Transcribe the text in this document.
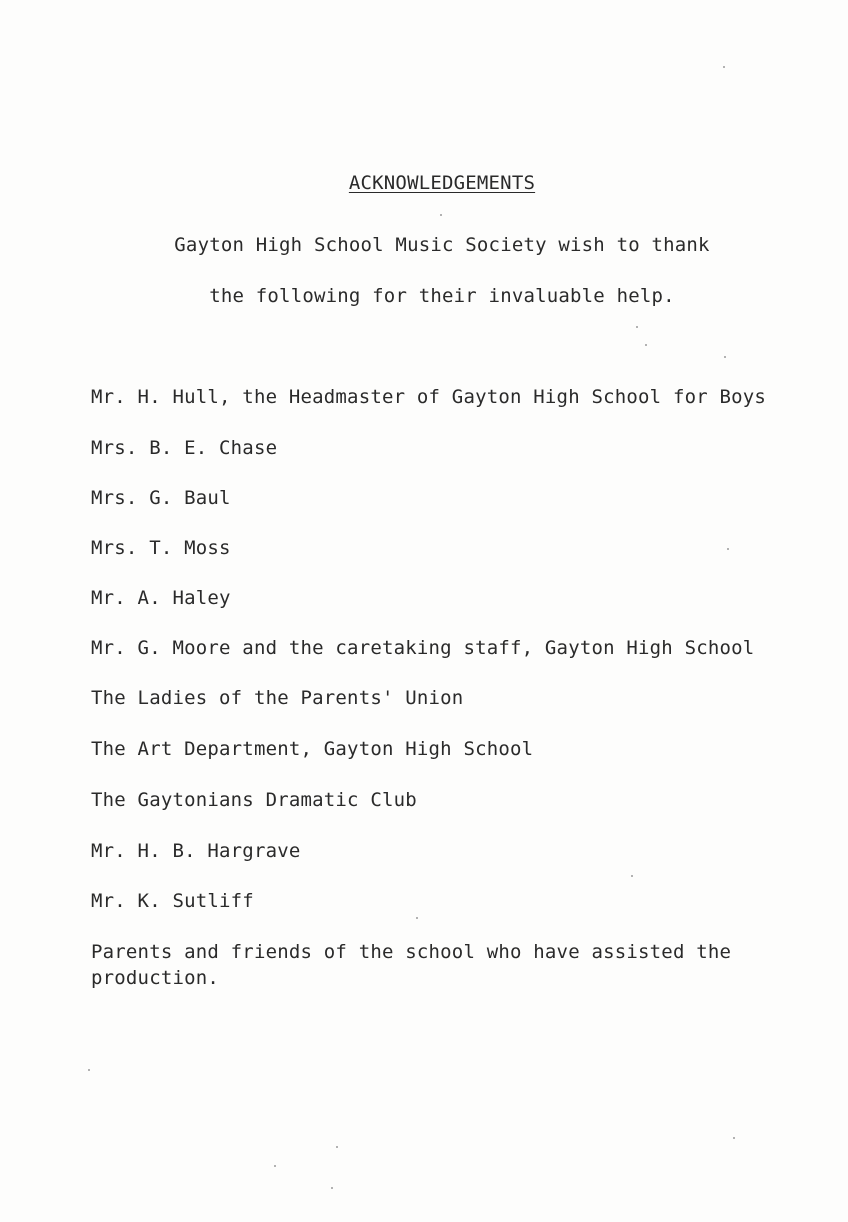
ACKNOWLEDGEMENTS
Gayton High School Music Society wish to thank
the following for their invaluable help.
Mr. H. Hull, the Headmaster of Gayton High School for Boys
Mrs. B. E. Chase
Mrs. G. Baul
Mrs. T. Moss
Mr. A. Haley
Mr. G. Moore and the caretaking staff, Gayton High School
The Ladies of the Parents' Union
The Art Department, Gayton High School
The Gaytonians Dramatic Club
Mr. H. B. Hargrave
Mr. K. Sutliff
Parents and friends of the school who have assisted the production.
